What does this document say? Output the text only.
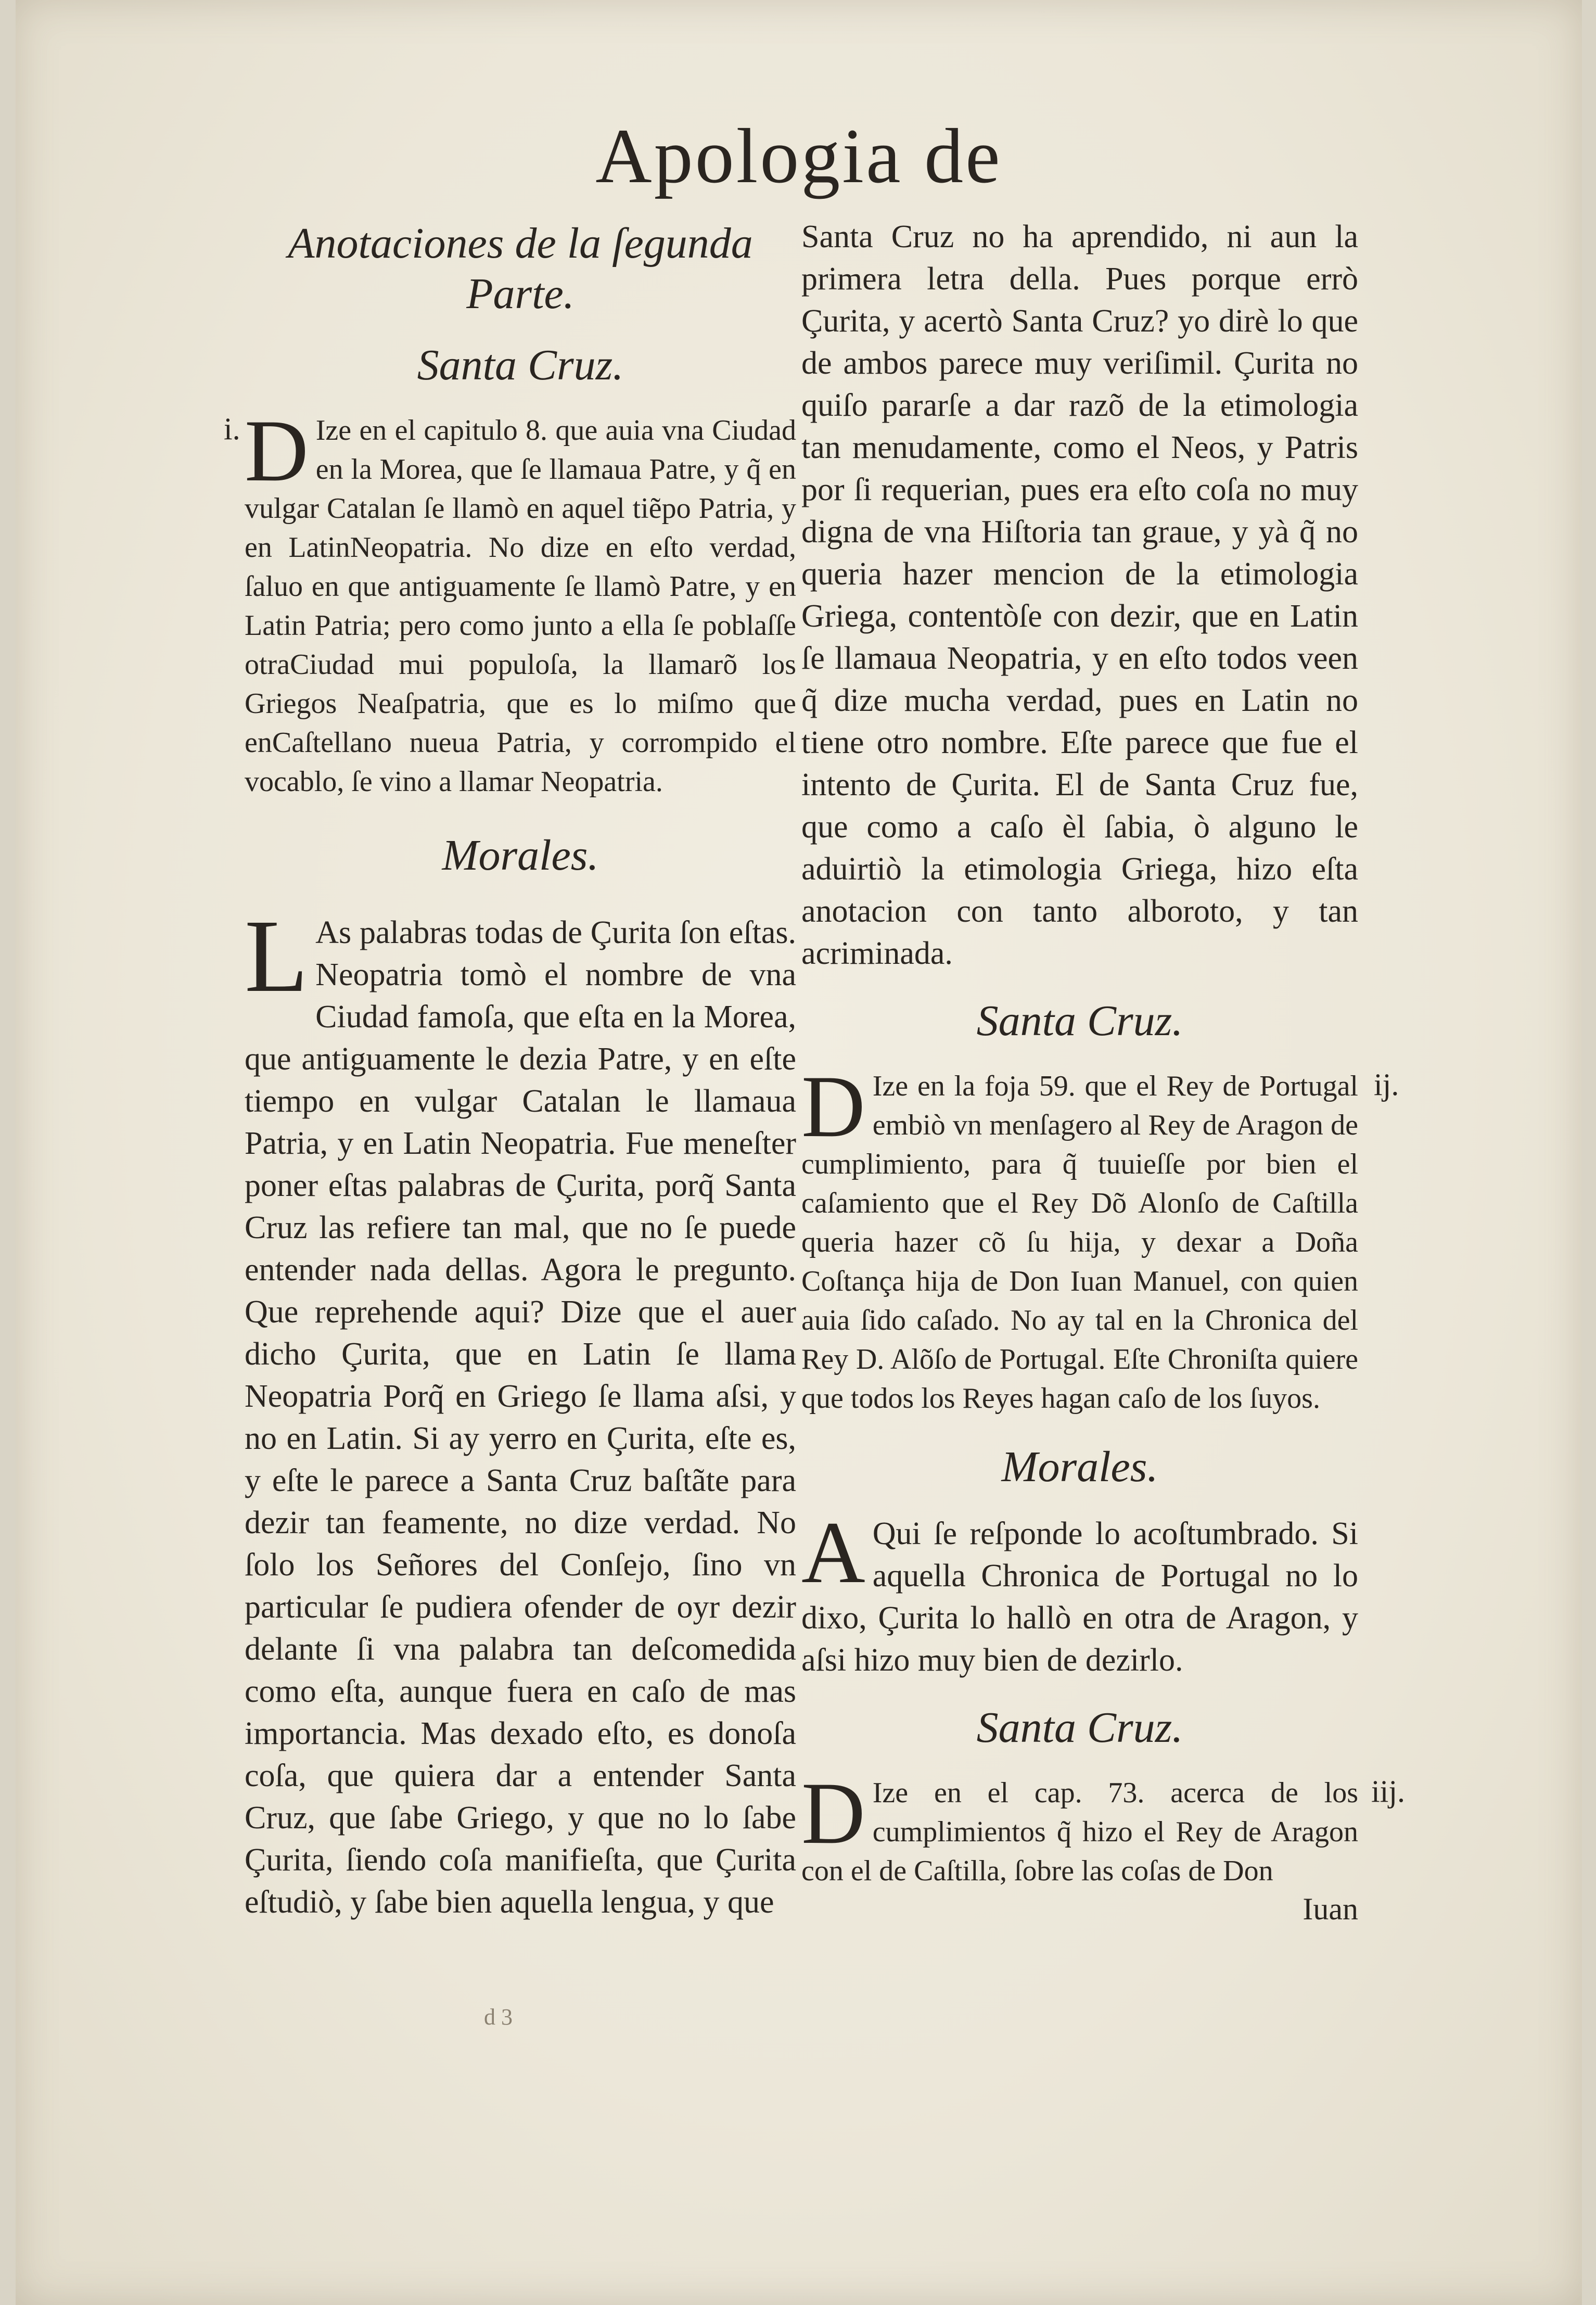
Apologia de

Anotaciones de la ſegunda Parte.

Santa Cruz.

i. D Ize en el capitulo 8. que auia vna Ciudad en la Morea, que ſe llamaua Patre, y q̃ en vulgar Catalan ſe llamò en aquel tiẽpo Patria, y en LatinNeopatria. No dize en eſto verdad, ſaluo en que antiguamente ſe llamò Patre, y en Latin Patria; pero como junto a ella ſe poblaſſe otraCiudad mui populoſa, la llamarõ los Griegos Neaſpatria, que es lo miſmo que enCaſtellano nueua Patria, y corrompido el vocablo, ſe vino a llamar Neopatria.

Morales.

L As palabras todas de Çurita ſon eſtas. Neopatria tomò el nombre de vna Ciudad famoſa, que eſta en la Morea, que antiguamente le dezia Patre, y en eſte tiempo en vulgar Catalan le llamaua Patria, y en Latin Neopatria. Fue meneſter poner eſtas palabras de Çurita, porq̃ Santa Cruz las refiere tan mal, que no ſe puede entender nada dellas. Agora le pregunto. Que reprehende aqui? Dize que el auer dicho Çurita, que en Latin ſe llama Neopatria Porq̃ en Griego ſe llama aſsi, y no en Latin. Si ay yerro en Çurita, eſte es, y eſte le parece a Santa Cruz baſtãte para dezir tan feamente, no dize verdad. No ſolo los Señores del Conſejo, ſino vn particular ſe pudiera ofender de oyr dezir delante ſi vna palabra tan deſcomedida como eſta, aunque fuera en caſo de mas importancia. Mas dexado eſto, es donoſa coſa, que quiera dar a entender Santa Cruz, que ſabe Griego, y que no lo ſabe Çurita, ſiendo coſa manifieſta, que Çurita eſtudiò, y ſabe bien aquella lengua, y que

Santa Cruz no ha aprendido, ni aun la primera letra della. Pues porque errò Çurita, y acertò Santa Cruz? yo dirè lo que de ambos parece muy veriſimil. Çurita no quiſo pararſe a dar razõ de la etimologia tan menudamente, como el Neos, y Patris por ſi requerian, pues era eſto coſa no muy digna de vna Hiſtoria tan graue, y yà q̃ no queria hazer mencion de la etimologia Griega, contentòſe con dezir, que en Latin ſe llamaua Neopatria, y en eſto todos veen q̃ dize mucha verdad, pues en Latin no tiene otro nombre. Eſte parece que fue el intento de Çurita. El de Santa Cruz fue, que como a caſo èl ſabia, ò alguno le aduirtiò la etimologia Griega, hizo eſta anotacion con tanto alboroto, y tan acriminada.

Santa Cruz.

ij.

D Ize en la foja 59. que el Rey de Portugal embiò vn menſagero al Rey de Aragon de cumplimiento, para q̃ tuuieſſe por bien el caſamiento que el Rey Dõ Alonſo de Caſtilla queria hazer cõ ſu hija, y dexar a Doña Coſtança hija de Don Iuan Manuel, con quien auia ſido caſado. No ay tal en la Chronica del Rey D. Alõſo de Portugal. Eſte Chroniſta quiere que todos los Reyes hagan caſo de los ſuyos.

Morales.

A Qui ſe reſponde lo acoſtumbrado. Si aquella Chronica de Portugal no lo dixo, Çurita lo hallò en otra de Aragon, y aſsi hizo muy bien de dezirlo.

Santa Cruz.

iij.

D Ize en el cap. 73. acerca de los cumplimientos q̃ hizo el Rey de Aragon con el de Caſtilla, ſobre las coſas de Don

Iuan

d 3
